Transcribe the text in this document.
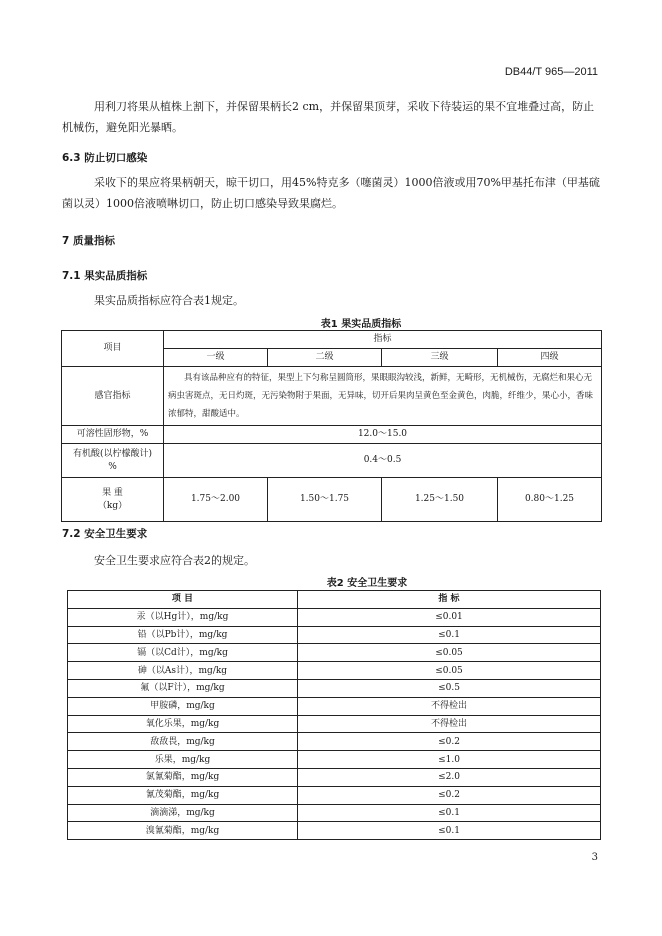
DB44/T 965—2011
用利刀将果从植株上割下，并保留果柄长2 cm，并保留果顶芽，采收下待装运的果不宜堆叠过高，防止机械伤，避免阳光暴晒。
6.3 防止切口感染
采收下的果应将果柄朝天，晾干切口，用45%特克多（噻菌灵）1000倍液或用70%甲基托布津（甲基硫菌以灵）1000倍液喷啉切口，防止切口感染导致果腐烂。
7 质量指标
7.1 果实品质指标
果实品质指标应符合表1规定。
表1 果实品质指标
项目	指标			
	一级	二级	三级	四级
感官指标	具有该品种应有的特征，果型上下匀称呈圆筒形，果眼眼沟较浅，新鲜，无畸形，无机械伤，无腐烂和果心无病虫害斑点，无日灼斑，无污染物附于果面，无异味，切开后果肉呈黄色至金黄色，肉脆，纤维少，果心小，香味浓郁特，甜酸适中。			
可溶性固形物，%	12.0～15.0			

有机酸(以柠檬酸计)
%	0.4～0.5			

果 重
（kg）	1.75～2.00	1.50～1.75	1.25～1.50	0.80～1.25
7.2 安全卫生要求
安全卫生要求应符合表2的规定。
表2 安全卫生要求
项 目	指 标
汞（以Hg计），mg/kg	≤0.01
铅（以Pb计），mg/kg	≤0.1
镉（以Cd计），mg/kg	≤0.05
砷（以As计），mg/kg	≤0.05
氟（以F计），mg/kg	≤0.5
甲胺磷，mg/kg	不得检出
氧化乐果，mg/kg	不得检出
敌敌畏，mg/kg	≤0.2
乐果，mg/kg	≤1.0
氯氰菊酯，mg/kg	≤2.0
氰茂菊酯，mg/kg	≤0.2
滴滴涕，mg/kg	≤0.1
溴氰菊酯，mg/kg	≤0.1
3
